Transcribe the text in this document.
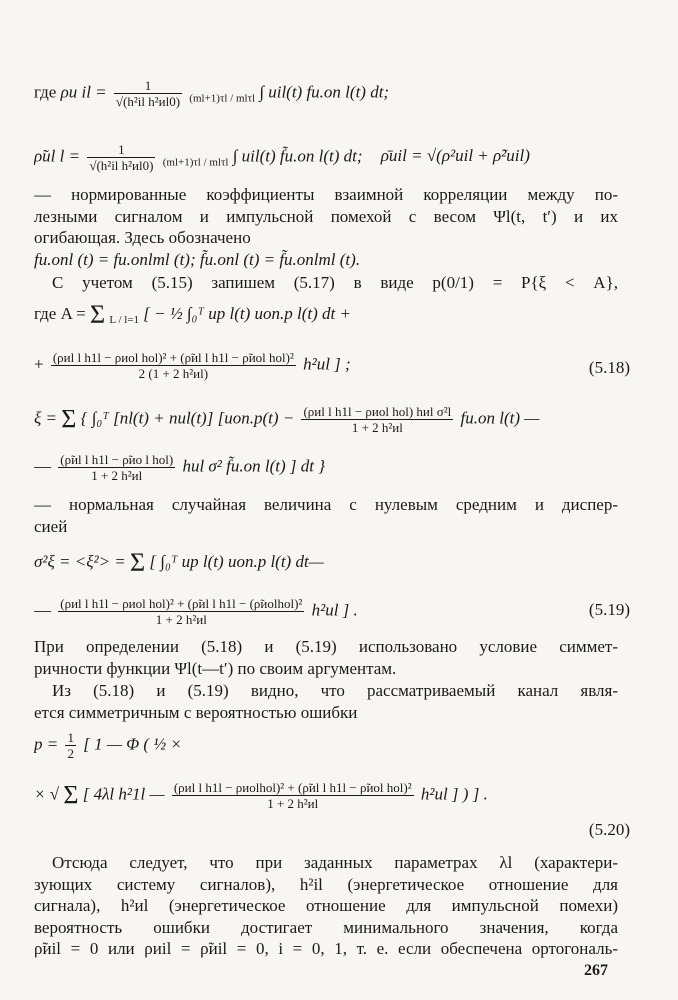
где ρи il = $\frac{1}{\text{√(h²il h²иl0)}} _{(ml+1)\tau l / ml\tau l}$ ∫ uil(t) fи.оп l(t) dt;
ρ̃иl $l = \frac{1}{\text{√(h²il h²иl0)}} _{(ml+1)\tau l / ml\tau l}$ ∫ uil(t) f̃и.оп l(t) dt; ρ̄иil = √(ρ²иil + ρ̃²иil)
— нормированные коэффициенты взаимной корреляции между по-
лезными сигналом и импульсной помехой с весом Ψl(t, t′) и их
огибающая. Здесь обозначено
fи.опl (t) = fи.опlml (t); f̃и.опl (t) = f̃и.опlml (t).
С учетом (5.15) запишем (5.17) в виде p(0/1) = P{ξ < A},
где A = Σ $_{L / l=1}$ [ − ½ ∫₀ᵀ up l(t) uоп.р l(t) dt +
+ $\frac{\text{(ρиl l h1l − ρиol hol)² + (ρ̃иl l h1l − ρ̃иol hol)²}}{\text{2 (1 + 2 h²иl)}} h^2иl$ ] ;	(5.18)
ξ = Σ { ∫₀ᵀ [nl(t) + nиl(t)] [$uоп.р(t) - \frac{\text{(ρиl l h1l − ρиol hol) hиl σ²l}}{\text{1 + 2 h²иl}} fи.оп$ l(t) —
— $\frac{\text{(ρ̃иl l h1l − ρ̃иo l hol)}}{\text{1 + 2 h²иl}}$ hиl σ² f̃и.оп l(t) ] dt }
— нормальная случайная величина с нулевым средним и диспер-
сией
σ²ξ = <ξ²> = Σ [ ∫₀ᵀ up l(t) uоп.р l(t) dt—
— $\frac{\text{(ρиl l h1l − ρиol hol)² + (ρ̃иl l h1l − (ρ̃иolhol)²}}{\text{1 + 2 h²иl}} h^2иl$ ] .	(5.19)
При определении (5.18) и (5.19) использовано условие симмет-
ричности функции Ψl(t—t′) по своим аргументам.
Из (5.18) и (5.19) видно, что рассматриваемый канал явля-
ется симметричным с вероятностью ошибки
$p = \frac{1}{2}$ [ 1 — Φ ( ½ ×
× √ Σ [ 4λl h²1l — $\frac{\text{(ρиl l h1l − ρиolhol)² + (ρ̃иl l h1l − ρ̃иol hol)²}}{\text{1 + 2 h²иl}} h^2иl$ ] ) ] .
(5.20)
Отсюда следует, что при заданных параметрах λl (характери-
зующих систему сигналов), h²il (энергетическое отношение для
сигнала), h²иl (энергетическое отношение для импульсной помехи)
вероятность ошибки достигает минимального значения, когда
ρ̃иil = 0 или ρиil = ρ̃иil = 0, i = 0, 1, т. е. если обеспечена ортогональ-
267
